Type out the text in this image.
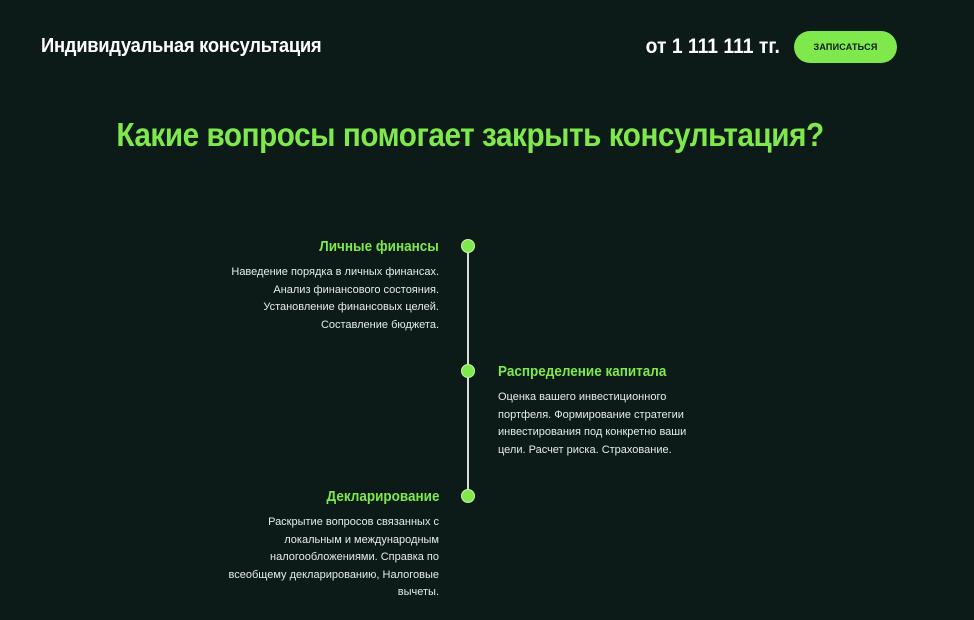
Индивидуальная консультация	от 1 111 111 тг.	ЗАПИСАТЬСЯ
Какие вопросы помогает закрыть консультация?
Личные финансы
Наведение порядка в личных финансах.
Анализ финансового состояния.
Установление финансовых целей.
Составление бюджета.
Распределение капитала
Оценка вашего инвестиционного
портфеля. Формирование стратегии
инвестирования под конкретно ваши
цели. Расчет риска. Страхование.
Декларирование
Раскрытие вопросов связанных с
локальным и международным
налогообложениями. Справка по
всеобщему декларированию, Налоговые
вычеты.
